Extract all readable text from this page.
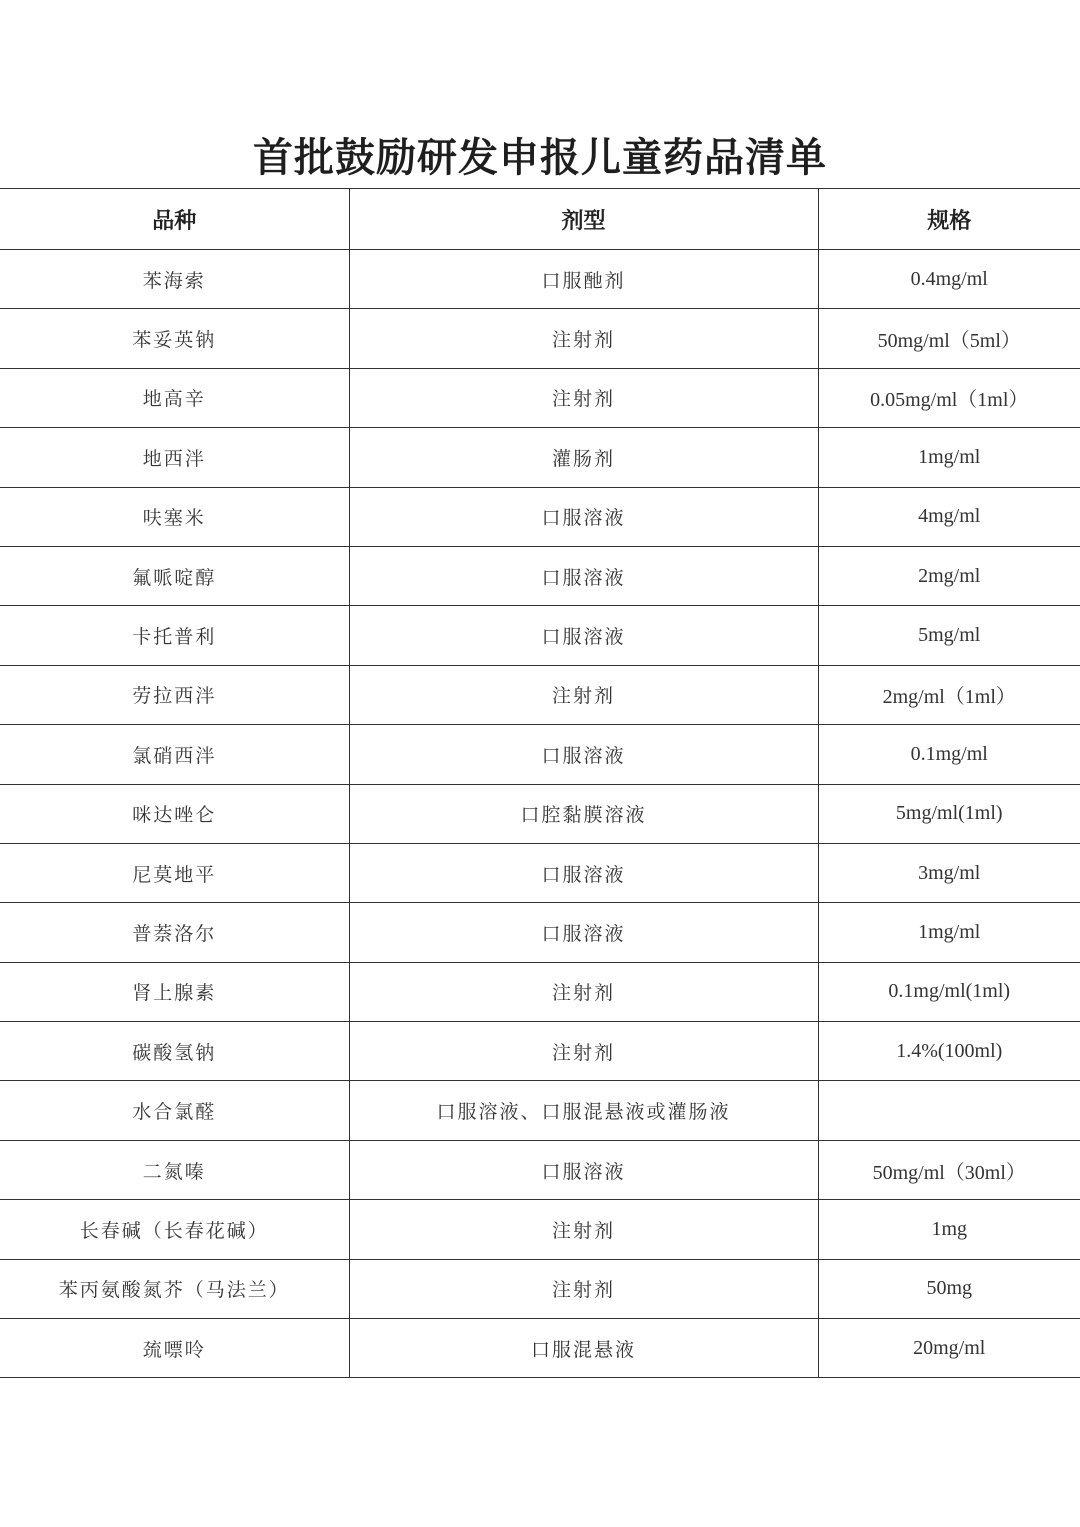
首批鼓励研发申报儿童药品清单
品种	剂型	规格
苯海索	口服酏剂	0.4mg/ml
苯妥英钠	注射剂	50mg/ml（5ml）
地高辛	注射剂	0.05mg/ml（1ml）
地西泮	灌肠剂	1mg/ml
呋塞米	口服溶液	4mg/ml
氟哌啶醇	口服溶液	2mg/ml
卡托普利	口服溶液	5mg/ml
劳拉西泮	注射剂	2mg/ml（1ml）
氯硝西泮	口服溶液	0.1mg/ml
咪达唑仑	口腔黏膜溶液	5mg/ml(1ml)
尼莫地平	口服溶液	3mg/ml
普萘洛尔	口服溶液	1mg/ml
肾上腺素	注射剂	0.1mg/ml(1ml)
碳酸氢钠	注射剂	1.4%(100ml)
水合氯醛	口服溶液、口服混悬液或灌肠液	
二氮嗪	口服溶液	50mg/ml（30ml）
长春碱（长春花碱）	注射剂	1mg
苯丙氨酸氮芥（马法兰）	注射剂	50mg
巯嘌呤	口服混悬液	20mg/ml
